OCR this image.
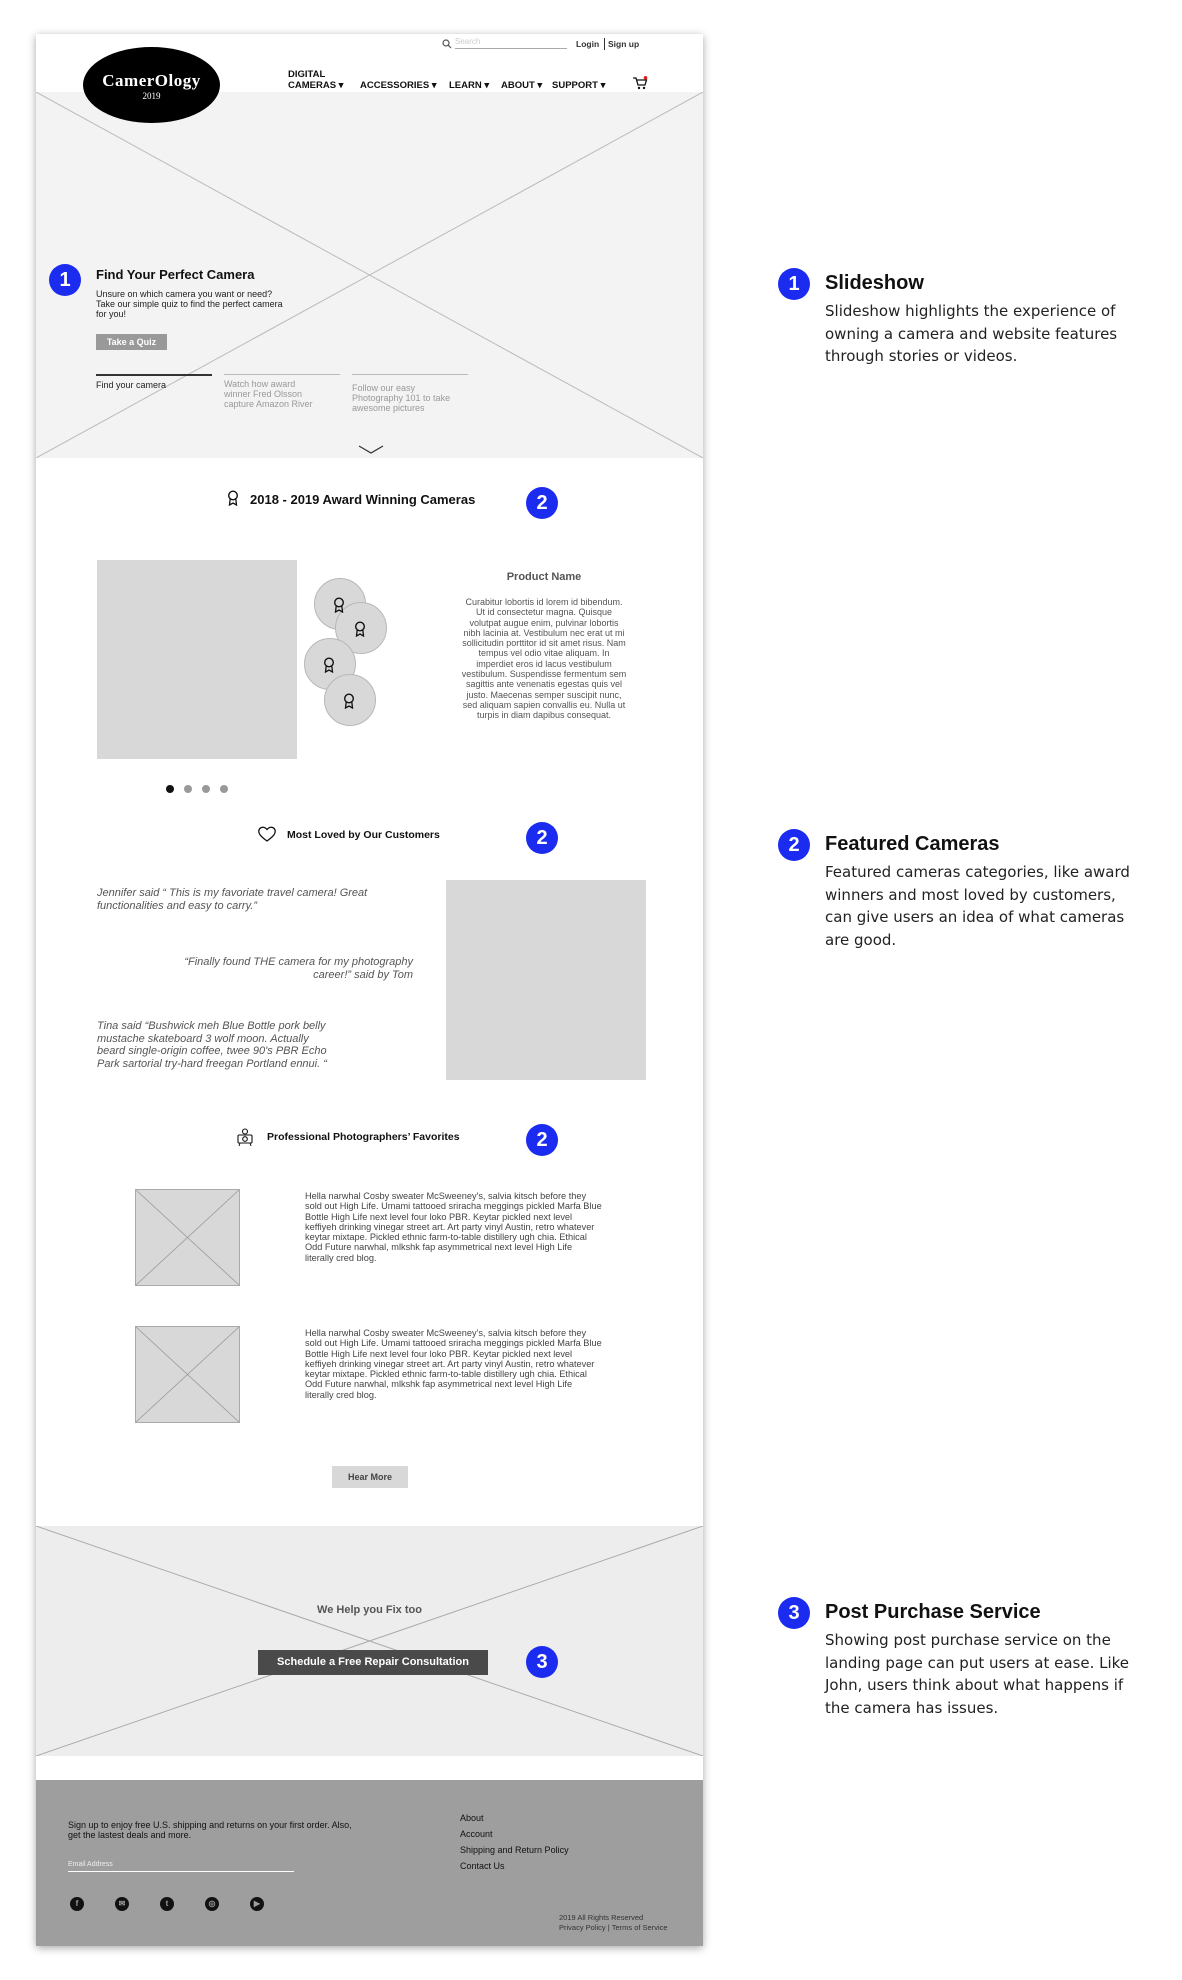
Search	Login Sign up
CamerOlogy
2019
DIGITAL
CAMERAS ▾ ACCESSORIES ▾ LEARN ▾ ABOUT ▾ SUPPORT ▾
1	Find Your Perfect Camera
Unsure on which camera you want or need?
Take our simple quiz to find the perfect camera
for you!
Take a Quiz
Find your camera	Watch how award
winner Fred Olsson
capture Amazon River
Follow our easy
Photography 101 to take
awesome pictures
2018 - 2019 Award Winning Cameras	2
Product Name
Curabitur lobortis id lorem id bibendum.
Ut id consectetur magna. Quisque
volutpat augue enim, pulvinar lobortis
nibh lacinia at. Vestibulum nec erat ut mi
sollicitudin porttitor id sit amet risus. Nam
tempus vel odio vitae aliquam. In
imperdiet eros id lacus vestibulum
vestibulum. Suspendisse fermentum sem
sagittis ante venenatis egestas quis vel
justo. Maecenas semper suscipit nunc,
sed aliquam sapien convallis eu. Nulla ut
turpis in diam dapibus consequat.
Most Loved by Our Customers	2
Jennifer said “ This is my favoriate travel camera! Great
functionalities and easy to carry.”
“Finally found THE camera for my photography
career!” said by Tom
Tina said “Bushwick meh Blue Bottle pork belly
mustache skateboard 3 wolf moon. Actually
beard single-origin coffee, twee 90's PBR Echo
Park sartorial try-hard freegan Portland ennui. “
Professional Photographers’ Favorites	2
Hella narwhal Cosby sweater McSweeney's, salvia kitsch before they
sold out High Life. Umami tattooed sriracha meggings pickled Marfa Blue
Bottle High Life next level four loko PBR. Keytar pickled next level
keffiyeh drinking vinegar street art. Art party vinyl Austin, retro whatever
keytar mixtape. Pickled ethnic farm-to-table distillery ugh chia. Ethical
Odd Future narwhal, mlkshk fap asymmetrical next level High Life
literally cred blog.
Hella narwhal Cosby sweater McSweeney's, salvia kitsch before they
sold out High Life. Umami tattooed sriracha meggings pickled Marfa Blue
Bottle High Life next level four loko PBR. Keytar pickled next level
keffiyeh drinking vinegar street art. Art party vinyl Austin, retro whatever
keytar mixtape. Pickled ethnic farm-to-table distillery ugh chia. Ethical
Odd Future narwhal, mlkshk fap asymmetrical next level High Life
literally cred blog.
Hear More
We Help you Fix too
Schedule a Free Repair Consultation	3
Sign up to enjoy free U.S. shipping and returns on your first order. Also,
get the lastest deals and more.
Email Address
About
Account
Shipping and Return Policy
Contact Us
f	✉	t	◎	▶
2019 All Rights Reserved
Privacy Policy | Terms of Service
1	Slideshow
Slideshow highlights the experience of owning a camera and website features through stories or videos.
2	Featured Cameras
Featured cameras categories, like award winners and most loved by customers, can give users an idea of what cameras are good.
3	Post Purchase Service
Showing post purchase service on the landing page can put users at ease. Like John, users think about what happens if the camera has issues.
